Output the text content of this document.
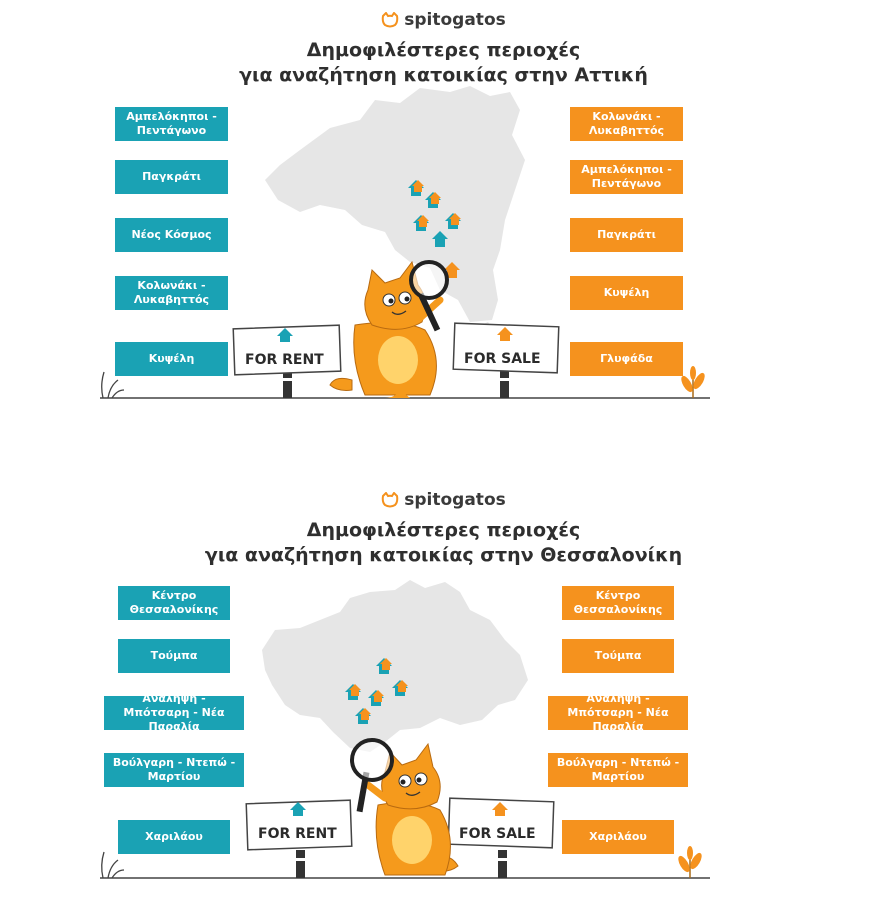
FOR RENT	FOR SALE
spitogatos
Δημοφιλέστερες περιοχές
για αναζήτηση κατοικίας στην Αττική
Αμπελόκηποι - Πεντάγωνο
Παγκράτι
Νέος Κόσμος
Κολωνάκι - Λυκαβηττός
Κυψέλη
Κολωνάκι - Λυκαβηττός
Αμπελόκηποι - Πεντάγωνο
Παγκράτι
Κυψέλη
Γλυφάδα
FOR RENT	FOR SALE
spitogatos
Δημοφιλέστερες περιοχές
για αναζήτηση κατοικίας στην Θεσσαλονίκη
Κέντρο Θεσσαλονίκης
Τούμπα
Ανάληψη - Μπότσαρη - Νέα Παραλία
Βούλγαρη - Ντεπώ - Μαρτίου
Χαριλάου
Κέντρο Θεσσαλονίκης
Τούμπα
Ανάληψη - Μπότσαρη - Νέα Παραλία
Βούλγαρη - Ντεπώ - Μαρτίου
Χαριλάου
